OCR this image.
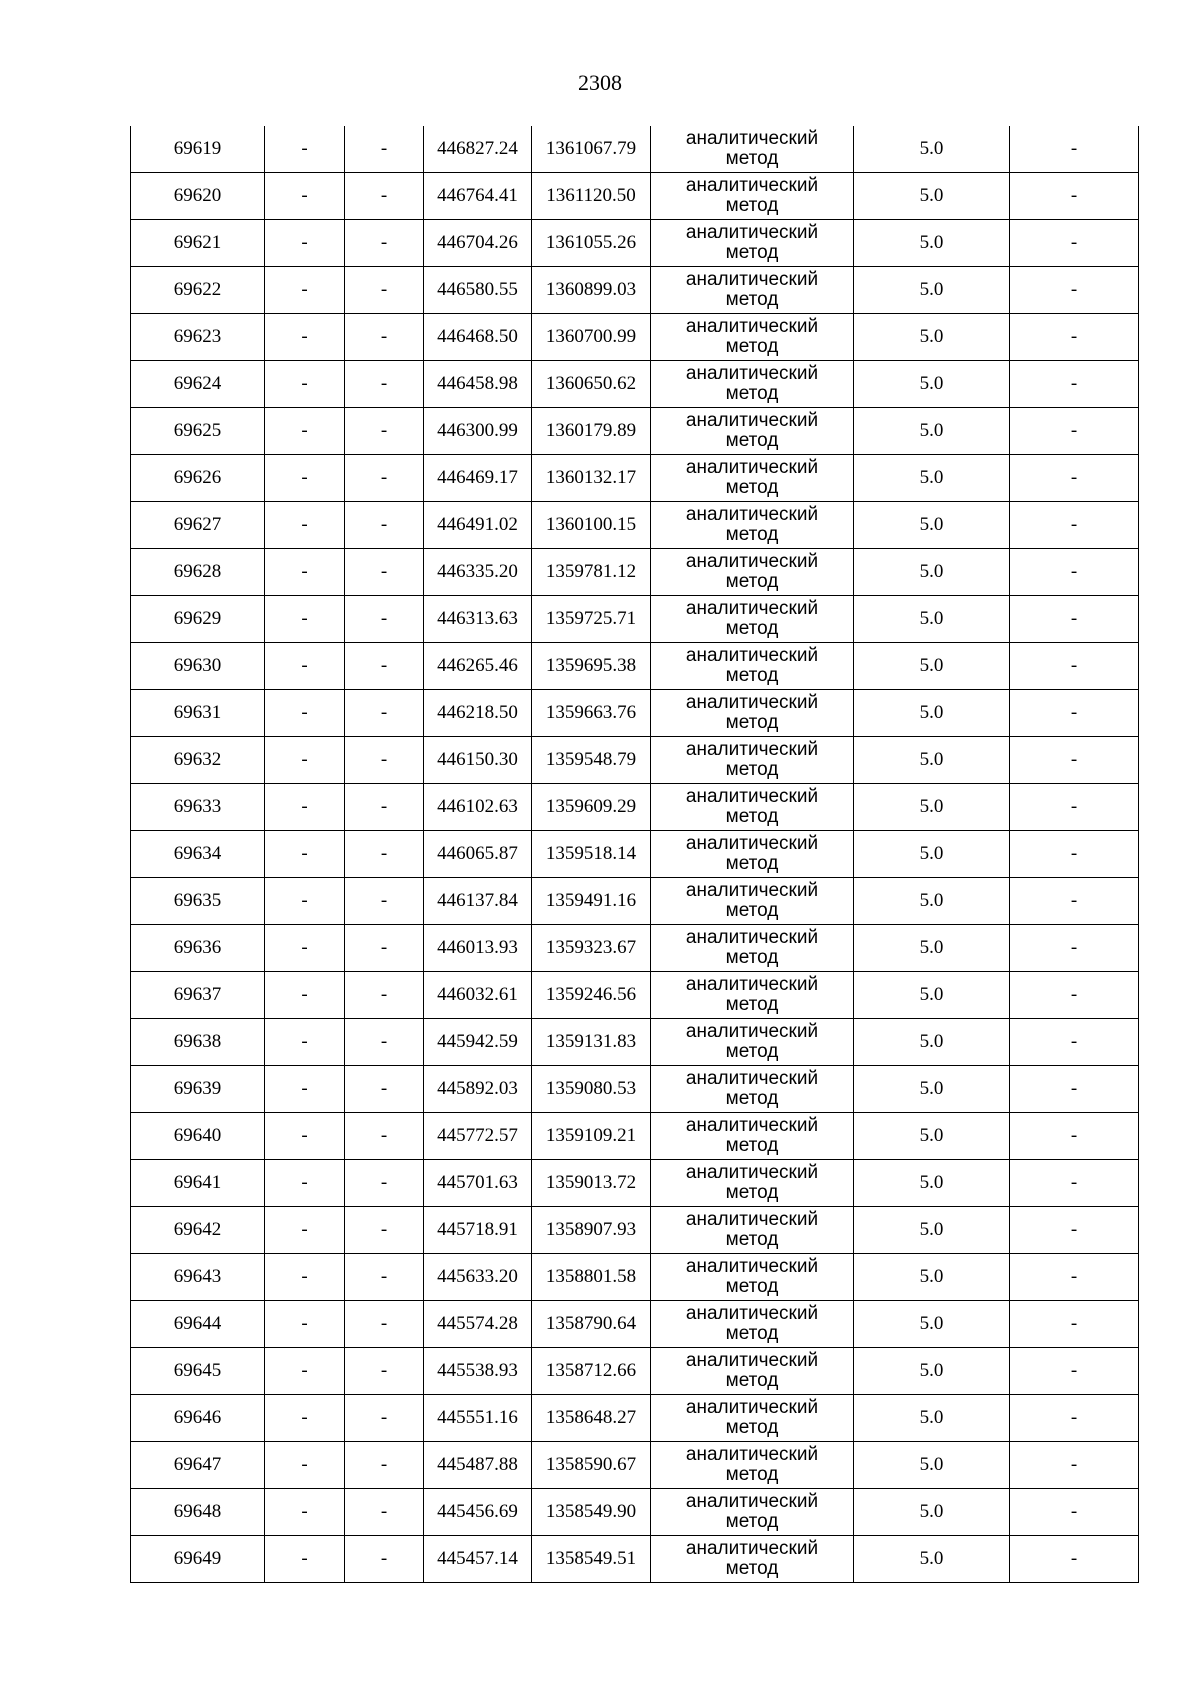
2308
69619	-	-	446827.24	1361067.79	аналитический
метод	5.0	-
69620	-	-	446764.41	1361120.50	аналитический
метод	5.0	-
69621	-	-	446704.26	1361055.26	аналитический
метод	5.0	-
69622	-	-	446580.55	1360899.03	аналитический
метод	5.0	-
69623	-	-	446468.50	1360700.99	аналитический
метод	5.0	-
69624	-	-	446458.98	1360650.62	аналитический
метод	5.0	-
69625	-	-	446300.99	1360179.89	аналитический
метод	5.0	-
69626	-	-	446469.17	1360132.17	аналитический
метод	5.0	-
69627	-	-	446491.02	1360100.15	аналитический
метод	5.0	-
69628	-	-	446335.20	1359781.12	аналитический
метод	5.0	-
69629	-	-	446313.63	1359725.71	аналитический
метод	5.0	-
69630	-	-	446265.46	1359695.38	аналитический
метод	5.0	-
69631	-	-	446218.50	1359663.76	аналитический
метод	5.0	-
69632	-	-	446150.30	1359548.79	аналитический
метод	5.0	-
69633	-	-	446102.63	1359609.29	аналитический
метод	5.0	-
69634	-	-	446065.87	1359518.14	аналитический
метод	5.0	-
69635	-	-	446137.84	1359491.16	аналитический
метод	5.0	-
69636	-	-	446013.93	1359323.67	аналитический
метод	5.0	-
69637	-	-	446032.61	1359246.56	аналитический
метод	5.0	-
69638	-	-	445942.59	1359131.83	аналитический
метод	5.0	-
69639	-	-	445892.03	1359080.53	аналитический
метод	5.0	-
69640	-	-	445772.57	1359109.21	аналитический
метод	5.0	-
69641	-	-	445701.63	1359013.72	аналитический
метод	5.0	-
69642	-	-	445718.91	1358907.93	аналитический
метод	5.0	-
69643	-	-	445633.20	1358801.58	аналитический
метод	5.0	-
69644	-	-	445574.28	1358790.64	аналитический
метод	5.0	-
69645	-	-	445538.93	1358712.66	аналитический
метод	5.0	-
69646	-	-	445551.16	1358648.27	аналитический
метод	5.0	-
69647	-	-	445487.88	1358590.67	аналитический
метод	5.0	-
69648	-	-	445456.69	1358549.90	аналитический
метод	5.0	-
69649	-	-	445457.14	1358549.51	аналитический
метод	5.0	-
